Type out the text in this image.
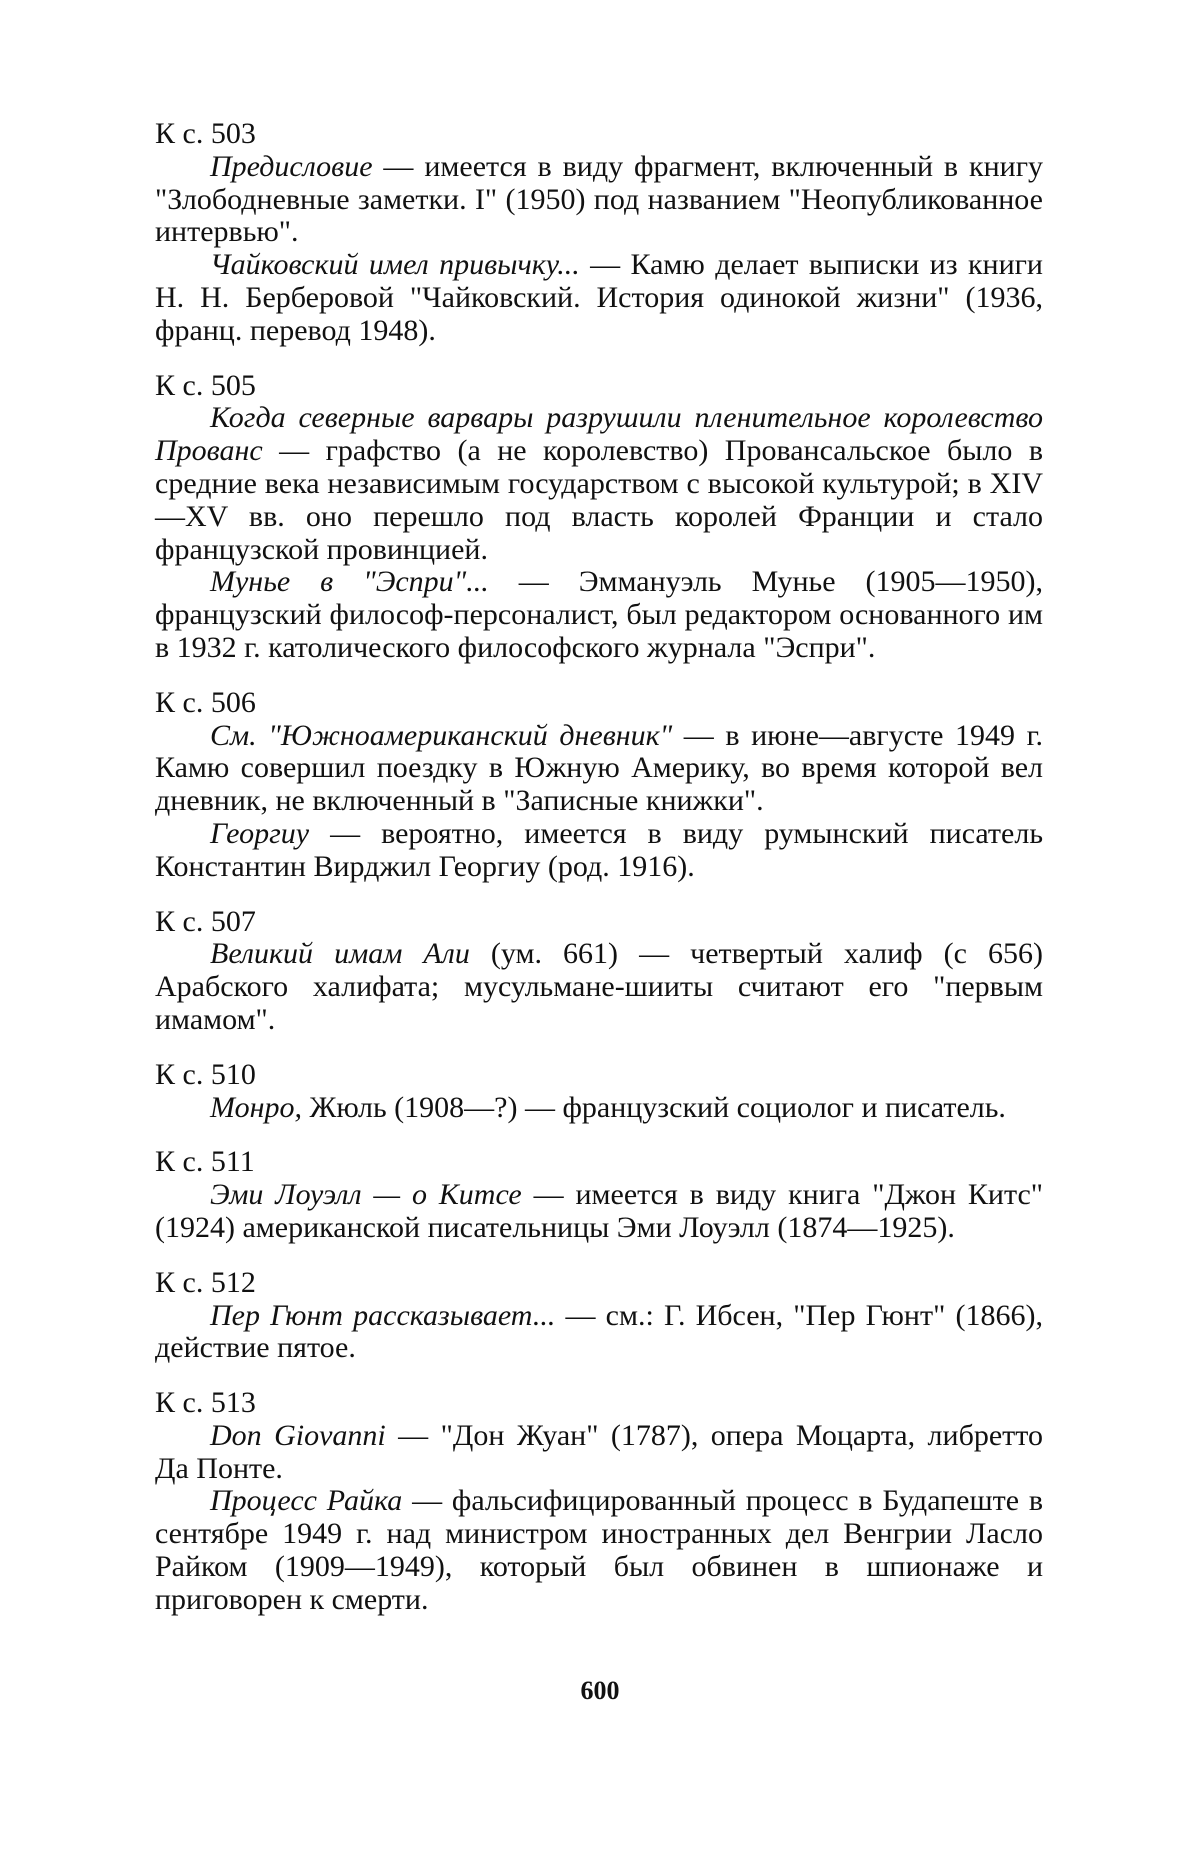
К с. 503

Предисловие — имеется в виду фрагмент, включенный в книгу "Злободневные заметки. I" (1950) под названием "Неопубликованное интервью".

Чайковский имел привычку... — Камю делает выписки из книги Н. Н. Берберовой "Чайковский. История одинокой жизни" (1936, франц. перевод 1948).

К с. 505

Когда северные варвары разрушили пленительное королевство Прованс — графство (а не королевство) Провансальское было в средние века независимым государством с высокой культурой; в XIV—XV вв. оно перешло под власть королей Франции и стало французской провинцией.

Мунье в "Эспри"... — Эммануэль Мунье (1905—1950), французский философ-персоналист, был редактором основанного им в 1932 г. католического философского журнала "Эспри".

К с. 506

См. "Южноамериканский дневник" — в июне—августе 1949 г. Камю совершил поездку в Южную Америку, во время которой вел дневник, не включенный в "Записные книжки".

Георгиу — вероятно, имеется в виду румынский писатель Константин Вирджил Георгиу (род. 1916).

К с. 507

Великий имам Али (ум. 661) — четвертый халиф (с 656) Арабского халифата; мусульмане-шииты считают его "первым имамом".

К с. 510

Монро, Жюль (1908—?) — французский социолог и писатель.

К с. 511

Эми Лоуэлл — о Китсе — имеется в виду книга "Джон Китс" (1924) американской писательницы Эми Лоуэлл (1874—1925).

К с. 512

Пер Гюнт рассказывает... — см.: Г. Ибсен, "Пер Гюнт" (1866), действие пятое.

К с. 513

Don Giovanni — "Дон Жуан" (1787), опера Моцарта, либретто Да Понте.

Процесс Райка — фальсифицированный процесс в Будапеште в сентябре 1949 г. над министром иностранных дел Венгрии Ласло Райком (1909—1949), который был обвинен в шпионаже и приговорен к смерти.

600
